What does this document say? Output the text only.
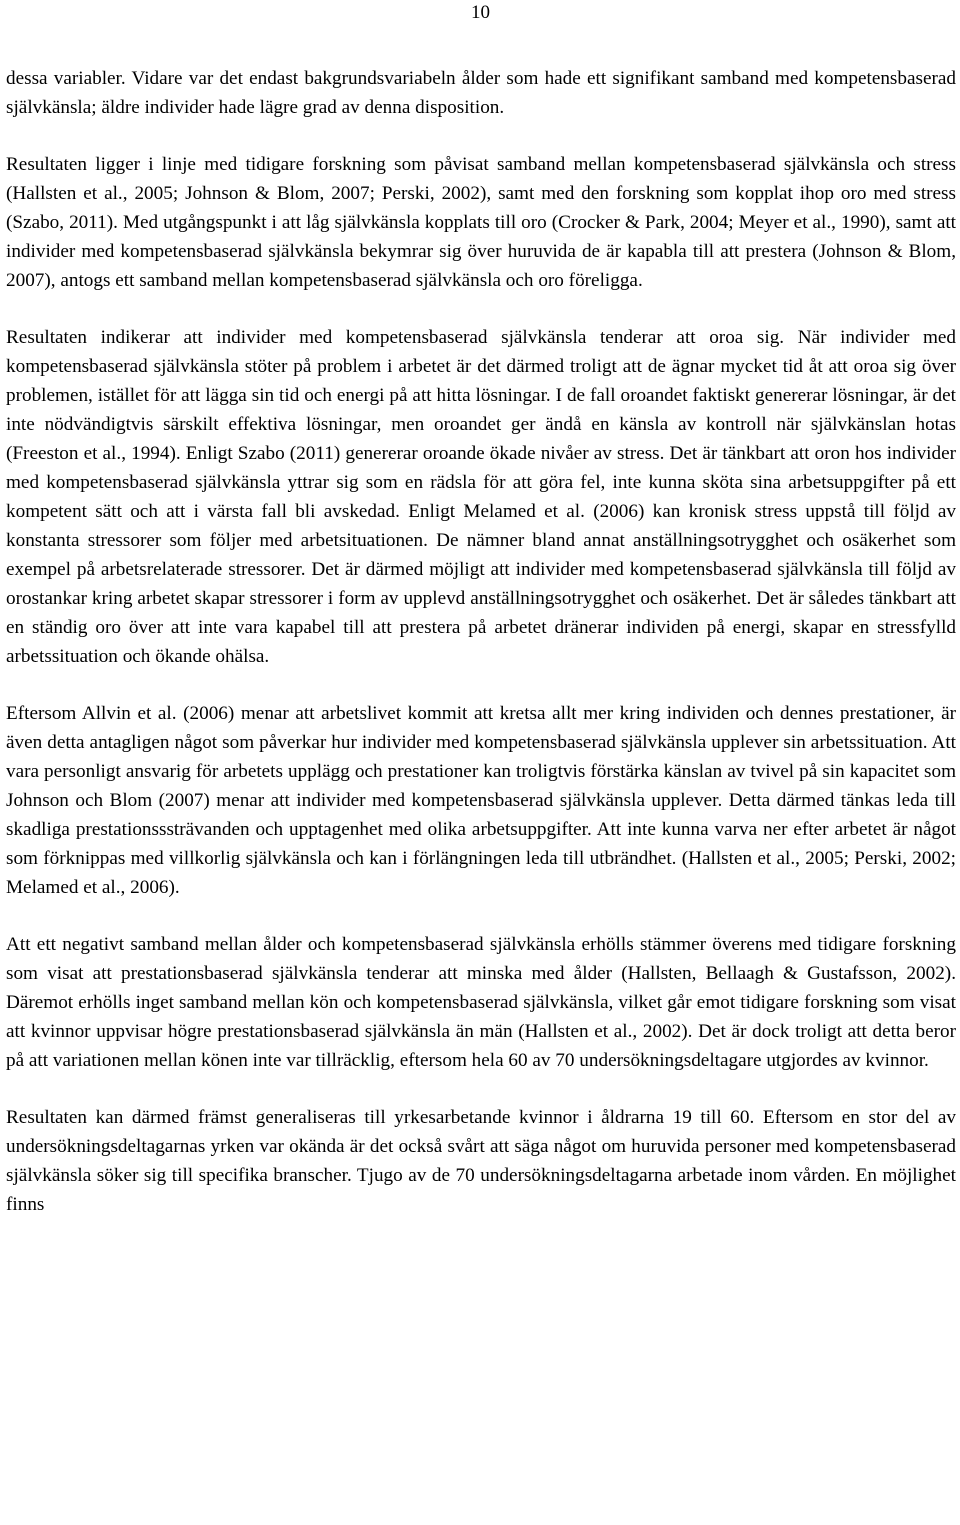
10

dessa variabler. Vidare var det endast bakgrundsvariabeln ålder som hade ett signifikant samband med kompetensbaserad självkänsla; äldre individer hade lägre grad av denna disposition.

Resultaten ligger i linje med tidigare forskning som påvisat samband mellan kompetensbaserad självkänsla och stress (Hallsten et al., 2005; Johnson & Blom, 2007; Perski, 2002), samt med den forskning som kopplat ihop oro med stress (Szabo, 2011). Med utgångspunkt i att låg självkänsla kopplats till oro (Crocker & Park, 2004; Meyer et al., 1990), samt att individer med kompetensbaserad självkänsla bekymrar sig över huruvida de är kapabla till att prestera (Johnson & Blom, 2007), antogs ett samband mellan kompetensbaserad självkänsla och oro föreligga.

Resultaten indikerar att individer med kompetensbaserad självkänsla tenderar att oroa sig. När individer med kompetensbaserad självkänsla stöter på problem i arbetet är det därmed troligt att de ägnar mycket tid åt att oroa sig över problemen, istället för att lägga sin tid och energi på att hitta lösningar. I de fall oroandet faktiskt genererar lösningar, är det inte nödvändigtvis särskilt effektiva lösningar, men oroandet ger ändå en känsla av kontroll när självkänslan hotas (Freeston et al., 1994). Enligt Szabo (2011) genererar oroande ökade nivåer av stress. Det är tänkbart att oron hos individer med kompetensbaserad självkänsla yttrar sig som en rädsla för att göra fel, inte kunna sköta sina arbetsuppgifter på ett kompetent sätt och att i värsta fall bli avskedad. Enligt Melamed et al. (2006) kan kronisk stress uppstå till följd av konstanta stressorer som följer med arbetsituationen. De nämner bland annat anställningsotrygghet och osäkerhet som exempel på arbetsrelaterade stressorer. Det är därmed möjligt att individer med kompetensbaserad självkänsla till följd av orostankar kring arbetet skapar stressorer i form av upplevd anställningsotrygghet och osäkerhet. Det är således tänkbart att en ständig oro över att inte vara kapabel till att prestera på arbetet dränerar individen på energi, skapar en stressfylld arbetssituation och ökande ohälsa.

Eftersom Allvin et al. (2006) menar att arbetslivet kommit att kretsa allt mer kring individen och dennes prestationer, är även detta antagligen något som påverkar hur individer med kompetensbaserad självkänsla upplever sin arbetssituation. Att vara personligt ansvarig för arbetets upplägg och prestationer kan troligtvis förstärka känslan av tvivel på sin kapacitet som Johnson och Blom (2007) menar att individer med kompetensbaserad självkänsla upplever. Detta därmed tänkas leda till skadliga prestationsssträvanden och upptagenhet med olika arbetsuppgifter. Att inte kunna varva ner efter arbetet är något som förknippas med villkorlig självkänsla och kan i förlängningen leda till utbrändhet. (Hallsten et al., 2005; Perski, 2002; Melamed et al., 2006).

Att ett negativt samband mellan ålder och kompetensbaserad självkänsla erhölls stämmer överens med tidigare forskning som visat att prestationsbaserad självkänsla tenderar att minska med ålder (Hallsten, Bellaagh & Gustafsson, 2002). Däremot erhölls inget samband mellan kön och kompetensbaserad självkänsla, vilket går emot tidigare forskning som visat att kvinnor uppvisar högre prestationsbaserad självkänsla än män (Hallsten et al., 2002). Det är dock troligt att detta beror på att variationen mellan könen inte var tillräcklig, eftersom hela 60 av 70 undersökningsdeltagare utgjordes av kvinnor.

Resultaten kan därmed främst generaliseras till yrkesarbetande kvinnor i åldrarna 19 till 60. Eftersom en stor del av undersökningsdeltagarnas yrken var okända är det också svårt att säga något om huruvida personer med kompetensbaserad självkänsla söker sig till specifika branscher. Tjugo av de 70 undersökningsdeltagarna arbetade inom vården. En möjlighet finns
